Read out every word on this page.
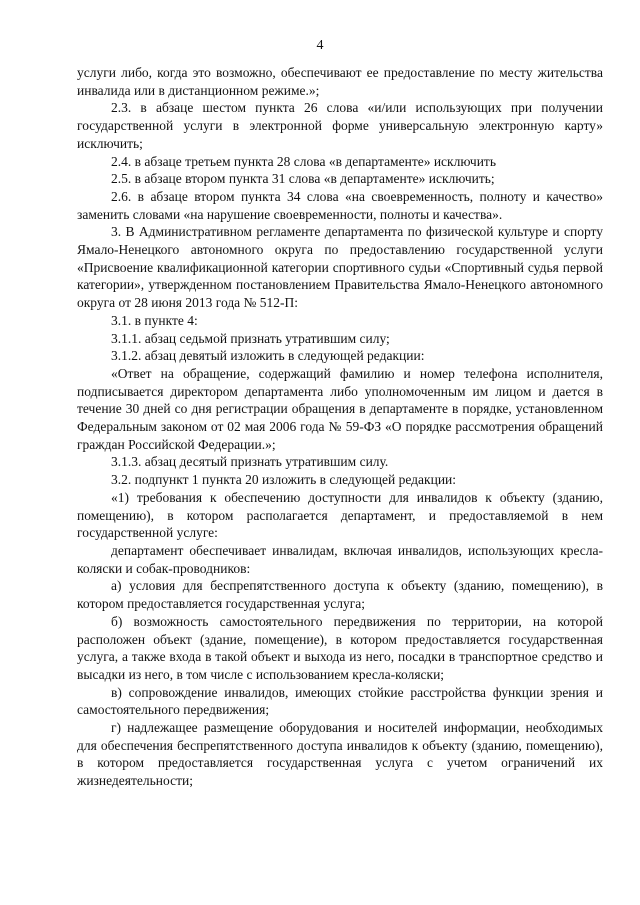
4

услуги либо, когда это возможно, обеспечивают ее предоставление по месту жительства инвалида или в дистанционном режиме.»;

2.3. в абзаце шестом пункта 26 слова «и/или использующих при получении государственной услуги в электронной форме универсальную электронную карту» исключить;

2.4. в абзаце третьем пункта 28 слова «в департаменте» исключить

2.5. в абзаце втором пункта 31 слова «в департаменте» исключить;

2.6. в абзаце втором пункта 34 слова «на своевременность, полноту и качество» заменить словами «на нарушение своевременности, полноты и качества».

3. В Административном регламенте департамента по физической культуре и спорту Ямало-Ненецкого автономного округа по предоставлению государственной услуги «Присвоение квалификационной категории спортивного судьи «Спортивный судья первой категории», утвержденном постановлением Правительства Ямало-Ненецкого автономного округа от 28 июня 2013 года № 512-П:

3.1. в пункте 4:

3.1.1. абзац седьмой признать утратившим силу;

3.1.2. абзац девятый изложить в следующей редакции:

«Ответ на обращение, содержащий фамилию и номер телефона исполнителя, подписывается директором департамента либо уполномоченным им лицом и дается в течение 30 дней со дня регистрации обращения в департаменте в порядке, установленном Федеральным законом от 02 мая 2006 года № 59-ФЗ «О порядке рассмотрения обращений граждан Российской Федерации.»;

3.1.3. абзац десятый признать утратившим силу.

3.2. подпункт 1 пункта 20 изложить в следующей редакции:

«1) требования к обеспечению доступности для инвалидов к объекту (зданию, помещению), в котором располагается департамент, и предоставляемой в нем государственной услуге:

департамент обеспечивает инвалидам, включая инвалидов, использующих кресла-коляски и собак-проводников:

а) условия для беспрепятственного доступа к объекту (зданию, помещению), в котором предоставляется государственная услуга;

б) возможность самостоятельного передвижения по территории, на которой расположен объект (здание, помещение), в котором предоставляется государственная услуга, а также входа в такой объект и выхода из него, посадки в транспортное средство и высадки из него, в том числе с использованием кресла-коляски;

в) сопровождение инвалидов, имеющих стойкие расстройства функции зрения и самостоятельного передвижения;

г) надлежащее размещение оборудования и носителей информации, необходимых для обеспечения беспрепятственного доступа инвалидов к объекту (зданию, помещению), в котором предоставляется государственная услуга с учетом ограничений их жизнедеятельности;
